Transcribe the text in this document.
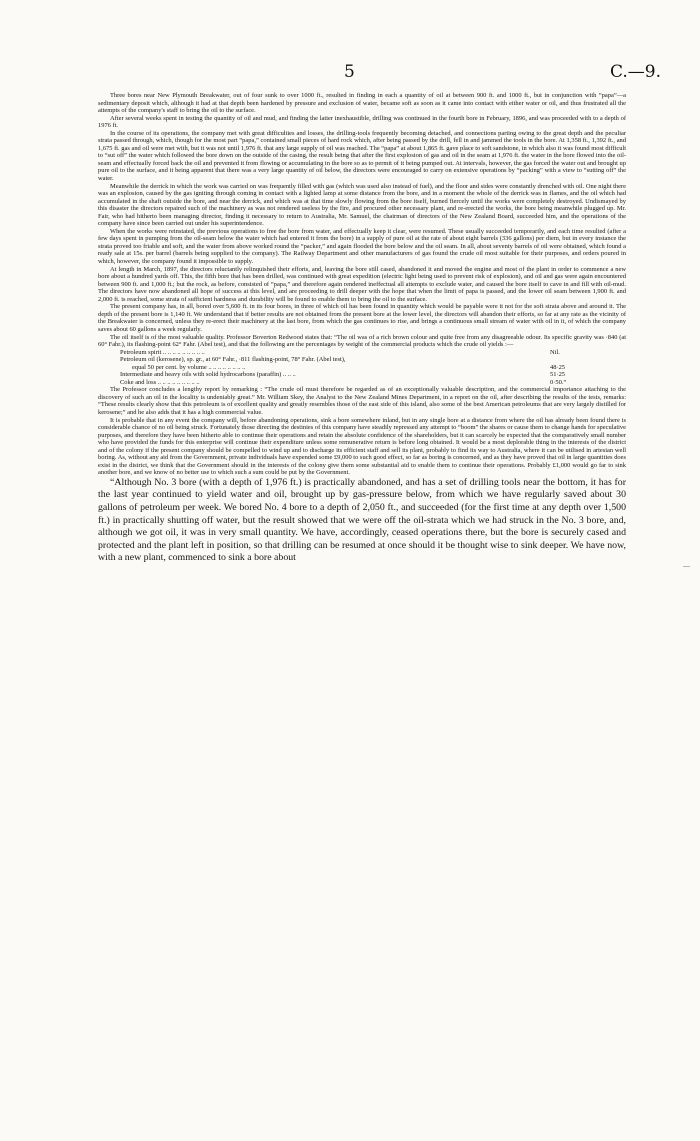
5	C.—9.

Three bores near New Plymouth Breakwater, out of four sunk to over 1000 ft., resulted in finding in each a quantity of oil at between 900 ft. and 1000 ft., but in conjunction with “papa”—a sedimentary deposit which, although it had at that depth been hardened by pressure and exclusion of water, became soft as soon as it came into contact with either water or oil, and thus frustrated all the attempts of the company's staff to bring the oil to the surface.

After several weeks spent in testing the quantity of oil and mud, and finding the latter inexhaustible, drilling was continued in the fourth bore in February, 1896, and was proceeded with to a depth of 1976 ft.

In the course of its operations, the company met with great difficulties and losses, the drilling-tools frequently becoming detached, and connections parting owing to the great depth and the peculiar strata passed through, which, though for the most part “papa,” contained small pieces of hard rock which, after being passed by the drill, fell in and jammed the tools in the bore. At 1,358 ft., 1,392 ft., and 1,675 ft. gas and oil were met with, but it was not until 1,976 ft. that any large supply of oil was reached. The “papa” at about 1,865 ft. gave place to soft sandstone, in which also it was found most difficult to “sut off” the water which followed the bore down on the outside of the casing, the result being that after the first explosion of gas and oil in the seam at 1,976 ft. the water in the bore flowed into the oil-seam and effectually forced back the oil and prevented it from flowing or accumulating in the bore so as to permit of it being pumped out. At intervals, however, the gas forced the water out and brought up pure oil to the surface, and it being apparent that there was a very large quantity of oil below, the directors were encouraged to carry on extensive operations by “packing” with a view to “sutting off” the water.

Meanwhile the derrick in which the work was carried on was frequently filled with gas (which was used also instead of fuel), and the floor and sides were constantly drenched with oil. One night there was an explosion, caused by the gas igniting through coming in contact with a lighted lamp at some distance from the bore, and in a moment the whole of the derrick was in flames, and the oil which had accumulated in the shaft outside the bore, and near the derrick, and which was at that time slowly flowing from the bore itself, burned fiercely until the works were completely destroyed. Undismayed by this disaster the directors repaired such of the machinery as was not rendered useless by the fire, and procured other necessary plant, and re-erected the works, the bore being meanwhile plugged up. Mr. Fair, who had hitherto been managing director, finding it necessary to return to Australia, Mr. Samuel, the chairman of directors of the New Zealand Board, succeeded him, and the operations of the company have since been carried out under his superintendence.

When the works were reinstated, the previous operations to free the bore from water, and effectually keep it clear, were resumed. These usually succeeded temporarily, and each time resulted (after a few days spent in pumping from the oil-seam below the water which had entered it from the bore) in a supply of pure oil at the rate of about eight barrels (336 gallons) per diem, but in every instance the strata proved too friable and soft, and the water from above worked round the “packer,” and again flooded the bore below and the oil seam. In all, about seventy barrels of oil were obtained, which found a ready sale at 15s. per barrel (barrels being supplied to the company). The Railway Department and other manufacturers of gas found the crude oil most suitable for their purposes, and orders poured in which, however, the company found it impossible to supply.

At length in March, 1897, the directors reluctantly relinquished their efforts, and, leaving the bore still cased, abandoned it and moved the engine and most of the plant in order to commence a new bore about a hundred yards off. This, the fifth bore that has been drilled, was continued with great expedition (electric light being used to prevent risk of explosion), and oil and gas were again encountered between 900 ft. and 1,000 ft.; but the rock, as before, consisted of “papa,” and therefore again rendered ineffectual all attempts to exclude water, and caused the bore itself to cave in and fill with oil-mud. The directors have now abandoned all hope of success at this level, and are proceeding to drill deeper with the hope that when the limit of papa is passed, and the lower oil seam between 1,900 ft. and 2,000 ft. is reached, some strata of sufficient hardness and durability will be found to enable them to bring the oil to the surface.

The present company has, in all, bored over 5,600 ft. in its four bores, in three of which oil has been found in quantity which would be payable were it not for the soft strata above and around it. The depth of the present bore is 1,140 ft. We understand that if better results are not obtained from the present bore at the lower level, the directors will abandon their efforts, so far at any rate as the vicinity of the Breakwater is concerned, unless they re-erect their machinery at the last bore, from which the gas continues to rise, and brings a continuous small stream of water with oil in it, of which the company saves about 60 gallons a week regularly.

The oil itself is of the most valuable quality. Professor Boverton Redwood states that: “The oil was of a rich brown colour and quite free from any disagreeable odour. Its specific gravity was ·840 (at 60° Fahr.), its flashing-point 62° Fahr. (Abel test), and that the following are the percentages by weight of the commercial products which the crude oil yields :—

Petroleum spirit .. .. .. .. .. .. .. .. ..	Nil.
Petroleum oil (kerosene), sp. gr., at 60° Fahr., ·811 flashing-point, 78° Fahr. (Abel test),
equal 50 per cent. by volume .. .. .. .. .. .. .. ..	48·25
Intermediate and heavy oils with solid hydrocarbons (paraffin) .. .. ..	51·25
Coke and loss .. .. .. .. .. .. .. .. ..	0·50.”

The Professor concludes a lengthy report by remarking : “The crude oil must therefore be regarded as of an exceptionally valuable description, and the commercial importance attaching to the discovery of such an oil in the locality is undeniably great.” Mr. William Skey, the Analyst to the New Zealand Mines Department, in a report on the oil, after describing the results of the tests, remarks: “These results clearly show that this petroleum is of excellent quality and greatly resembles those of the east side of this island, also some of the best American petroleums that are very largely distilled for kerosene;” and he also adds that it has a high commercial value.

It is probable that in any event the company will, before abandoning operations, sink a bore somewhere inland, but in any single bore at a distance from where the oil has already been found there is considerable chance of no oil being struck. Fortunately those directing the destinies of this company have steadily repressed any attempt to “boom” the shares or cause them to change hands for speculative purposes, and therefore they have been hitherto able to continue their operations and retain the absolute confidence of the shareholders, but it can scarcely be expected that the comparatively small number who have provided the funds for this enterprise will continue their expenditure unless some remunerative return is before long obtained. It would be a most deplorable thing in the interests of the district and of the colony if the present company should be compelled to wind up and to discharge its efficient staff and sell its plant, probably to find its way to Australia, where it can be utilised in artesian well boring. As, without any aid from the Government, private individuals have expended some £9,000 to such good effect, so far as boring is concerned, and as they have proved that oil in large quantities does exist in the district, we think that the Government should in the interests of the colony give them some substantial aid to enable them to continue their operations. Probably £1,000 would go far to sink another bore, and we know of no better use to which such a sum could be put by the Government.

“Although No. 3 bore (with a depth of 1,976 ft.) is practically abandoned, and has a set of drilling tools near the bottom, it has for the last year continued to yield water and oil, brought up by gas-pressure below, from which we have regularly saved about 30 gallons of petroleum per week. We bored No. 4 bore to a depth of 2,050 ft., and succeeded (for the first time at any depth over 1,500 ft.) in practically shutting off water, but the result showed that we were off the oil-strata which we had struck in the No. 3 bore, and, although we got oil, it was in very small quantity. We have, accordingly, ceased operations there, but the bore is securely cased and protected and the plant left in position, so that drilling can be resumed at once should it be thought wise to sink deeper. We have now, with a new plant, commenced to sink a bore about

—
